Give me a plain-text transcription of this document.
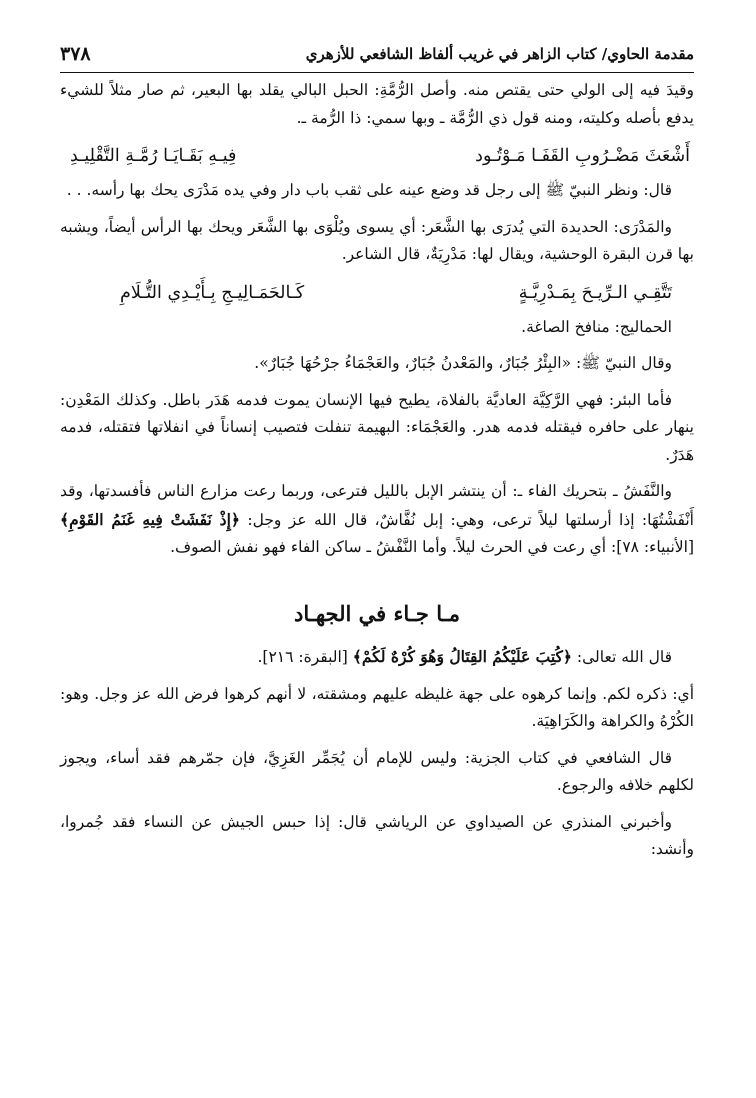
مقدمة الحاوي/ كتاب الزاهر في غريب ألفاظ الشافعي للأزهري
٣٧٨

وقيدَ فيه إلى الولي حتى يقتص منه. وأصل الرُّمَّةِ: الحبل البالي يقلد بها البعير، ثم صار مثلاً للشيء يدفع بأصله وكليته، ومنه قول ذي الرُّمَّة ـ وبها سمي: ذا الرُّمة ـ.

أَشْعَثَ مَضْـرُوبِ القَفَـا مَـوْتُـود
فِيـهِ بَقَـايَـا رُمَّـةِ التَّقْلِيـدِ

قال: ونظر النبيّ ﷺ إلى رجل قد وضع عينه على ثقب باب دار وفي يده مَدْرَى يحك بها رأسه. . .

والمَدْرَى: الحديدة التي يُدرَى بها الشَّعَر: أي يسوى ويُلْوَى بها الشَّعَر ويحك بها الرأس أيضاً، ويشبه بها قرن البقرة الوحشية، ويقال لها: مَدْرِيَةٌ، قال الشاعر.

تَتَّقِـي الـرِّيـحَ بِمَـدْرِيَّـةٍ
كَـالحَمَـالِيـجِ بِـأَيْـدِي التُّـلَامِ

الحماليج: منافخ الصاغة.

وقال النبيّ ﷺ: «البِئْرُ جُبَارٌ، والمَعْدنُ جُبَارٌ، والعَجْمَاءُ جرْحُهَا جُبَارٌ».

فأما البئر: فهي الرَّكِيَّة العاديَّة بالفلاة، يطيح فيها الإنسان يموت فدمه هَدَر باطل. وكذلك المَعْدِن: ينهار على حافره فيقتله فدمه هدر. والعَجْمَاء: البهيمة تنفلت فتصيب إنساناً في انفلاتها فتقتله، فدمه هَدَرٌ.

والنَّفَشُ ـ بتحريك الفاء ـ: أن ينتشر الإبل بالليل فترعى، وربما رعت مزارع الناس فأفسدتها، وقد أَنْفَشْتُهَا: إذا أرسلتها ليلاً ترعى، وهي: إبل نُفَّاشٌ، قال الله عز وجل: ﴿إِذْ نَفَشَتْ فِيهِ غَنَمُ القَوْمِ﴾ [الأنبياء: ٧٨]: أي رعت في الحرث ليلاً. وأما النَّفْشُ ـ ساكن الفاء فهو نفش الصوف.

مـا جـاء في الجهـاد

قال الله تعالى: ﴿كُتِبَ عَلَيْكُمُ القِتَالُ وَهُوَ كُرْهٌ لَكُمْ﴾ [البقرة: ٢١٦].

أي: ذكره لكم. وإنما كرهوه على جهة غليظه عليهم ومشقته، لا أنهم كرهوا فرض الله عز وجل. وهو: الكُرْهُ والكراهة والكَرَاهِيَة.

قال الشافعي في كتاب الجزية: وليس للإمام أن يُجَمِّر الغَزِيَّ، فإن جمّرهم فقد أساء، ويجوز لكلهم خلافه والرجوع.

وأخبرني المنذري عن الصيداوي عن الرياشي قال: إذا حبس الجيش عن النساء فقد جُمروا، وأنشد:
